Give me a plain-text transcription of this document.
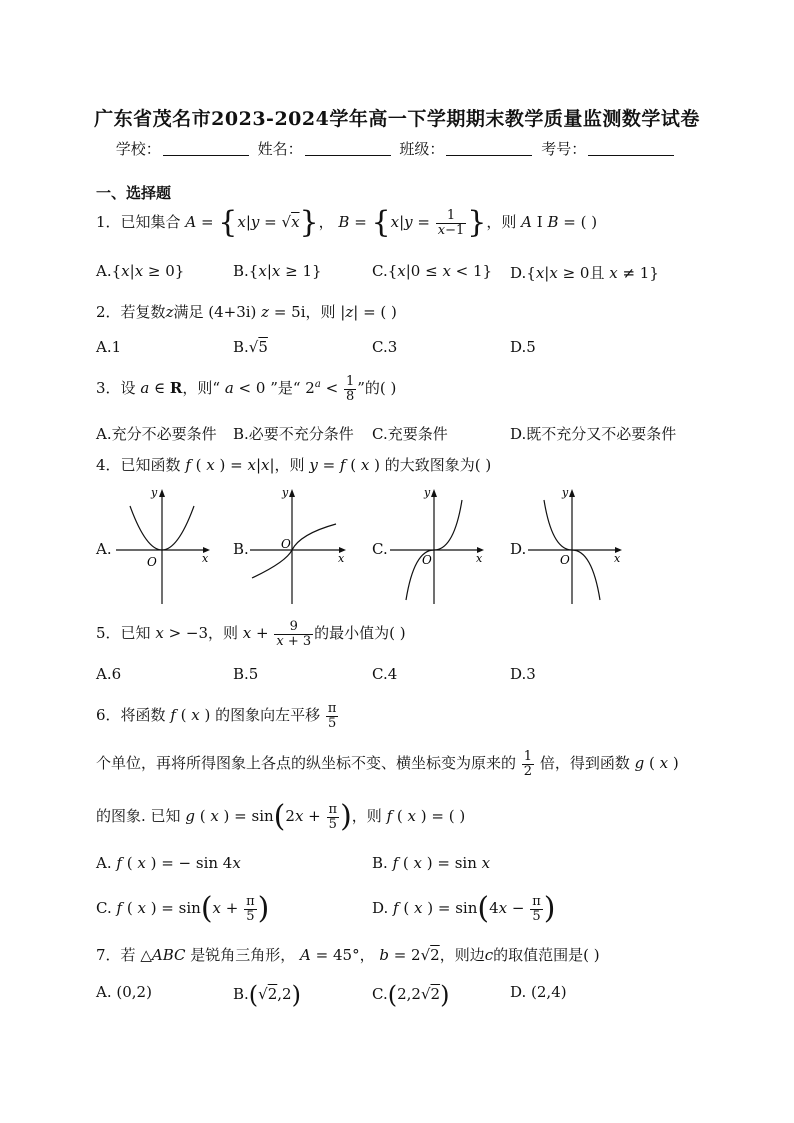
广东省茂名市2023-2024学年高一下学期期末教学质量监测数学试卷
学校：	姓名：	班级：	考号：
一、选择题
1．已知集合 A = {x|y = √x}， $B = \{x|y = \frac{1}{x-1}$ }，则 A I B = ( )
A.{x|x ≥ 0}	B.{x|x ≥ 1}	C.{x|0 ≤ x < 1} D.{x|x ≥ 0且 x ≠ 1}
2．若复数z满足 (4+3i) z = 5i，则 |z| = ( )
A.1	B.√5	C.3	D.5
3．设 a ∈ R，则“ a < 0 ”是“ $2^a < \frac{1}{8}$ ”的( )
A.充分不必要条件 B.必要不充分条件 C.充要条件	D.既不充分又不必要条件
4．已知函数 f ( x ) = x|x|，则 y = f ( x ) 的大致图象为( )
A.
y
x
O
B.
y
x
O	C.
y
x
O
D.
y
x
O
5．已知 x > −3，则 $x + \frac{9}{x + 3}$ 的最小值为( )
A.6	B.5	C.4	D.3
6．将函数 f ( x ) 的图象向左平移 $\frac{\pi}{5}$
个单位，再将所得图象上各点的纵坐标不变、横坐标变为原来的 $\frac{1}{2}$ 倍，得到函数 g ( x )
的图象. 已知 g ( x ) = $\sin(2x + \frac{\pi}{5}$ )，则 f ( x ) = ( )
A. f ( x ) = − sin 4x	B. f ( x ) = sin x
C. f ( x ) = $\sin(x + \frac{\pi}{5}$ )	D. f ( x ) = $\sin(4x - \frac{\pi}{5}$ )
7．若 △ABC 是锐角三角形， A = 45°， b = 2√2，则边c的取值范围是( )
A. (0,2)	B.(√2,2)	C.(2,2√2)	D. (2,4)
